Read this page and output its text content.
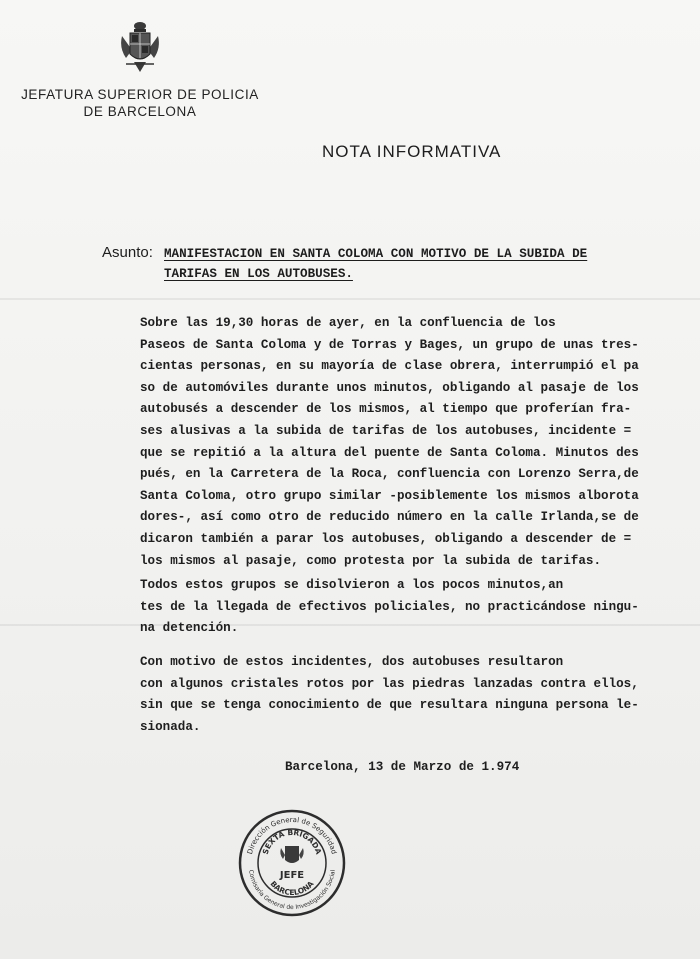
JEFATURA SUPERIOR DE POLICIA
DE BARCELONA
NOTA INFORMATIVA
Asunto: MANIFESTACION EN SANTA COLOMA CON MOTIVO DE LA SUBIDA DE
TARIFAS EN LOS AUTOBUSES.
Sobre las 19,30 horas de ayer, en la confluencia de los
Paseos de Santa Coloma y de Torras y Bages, un grupo de unas tres-
cientas personas, en su mayoría de clase obrera, interrumpió el pa
so de automóviles durante unos minutos, obligando al pasaje de los
autobusés a descender de los mismos, al tiempo que proferían fra-
ses alusivas a la subida de tarifas de los autobuses, incidente =
que se repitió a la altura del puente de Santa Coloma. Minutos des
pués, en la Carretera de la Roca, confluencia con Lorenzo Serra,de
Santa Coloma, otro grupo similar -posiblemente los mismos alborota
dores-, así como otro de reducido número en la calle Irlanda,se de
dicaron también a parar los autobuses, obligando a descender de =
los mismos al pasaje, como protesta por la subida de tarifas.
Todos estos grupos se disolvieron a los pocos minutos,an
tes de la llegada de efectivos policiales, no practicándose ningu-
na detención.
Con motivo de estos incidentes, dos autobuses resultaron
con algunos cristales rotos por las piedras lanzadas contra ellos,
sin que se tenga conocimiento de que resultara ninguna persona le-
sionada.
Barcelona, 13 de Marzo de 1.974
Dirección General de Seguridad
Comisaría General de Investigación Social
SEXTA BRIGADA
BARCELONA
JEFE
